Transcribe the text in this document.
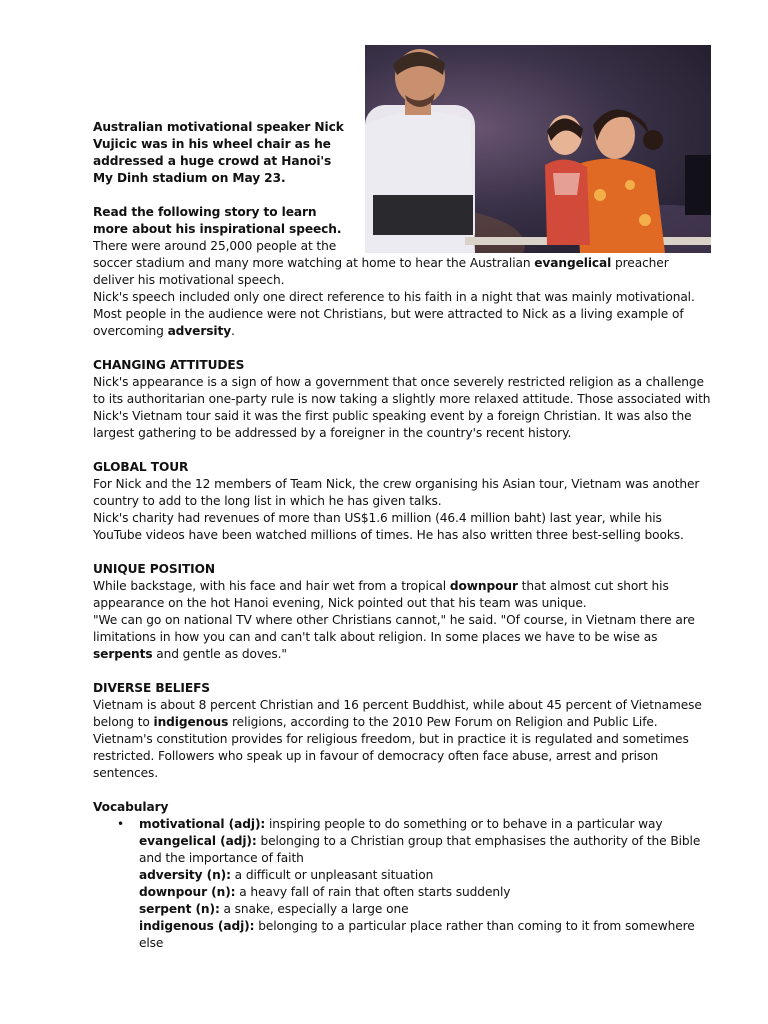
Australian motivational speaker Nick Vujicic was in his wheel chair as he addressed a huge crowd at Hanoi's My Dinh stadium on May 23.

Read the following story to learn more about his inspirational speech.

There were around 25,000 people at the
soccer stadium and many more watching at home to hear the Australian evangelical preacher deliver his motivational speech.

Nick's speech included only one direct reference to his faith in a night that was mainly motivational. Most people in the audience were not Christians, but were attracted to Nick as a living example of overcoming adversity.

CHANGING ATTITUDES

Nick's appearance is a sign of how a government that once severely restricted religion as a challenge to its authoritarian one-party rule is now taking a slightly more relaxed attitude. Those associated with Nick's Vietnam tour said it was the first public speaking event by a foreign Christian. It was also the largest gathering to be addressed by a foreigner in the country's recent history.

GLOBAL TOUR

For Nick and the 12 members of Team Nick, the crew organising his Asian tour, Vietnam was another country to add to the long list in which he has given talks.

Nick's charity had revenues of more than US$1.6 million (46.4 million baht) last year, while his YouTube videos have been watched millions of times. He has also written three best-selling books.

UNIQUE POSITION

While backstage, with his face and hair wet from a tropical downpour that almost cut short his appearance on the hot Hanoi evening, Nick pointed out that his team was unique.

"We can go on national TV where other Christians cannot," he said. "Of course, in Vietnam there are limitations in how you can and can't talk about religion. In some places we have to be wise as serpents and gentle as doves."

DIVERSE BELIEFS

Vietnam is about 8 percent Christian and 16 percent Buddhist, while about 45 percent of Vietnamese belong to indigenous religions, according to the 2010 Pew Forum on Religion and Public Life. Vietnam's constitution provides for religious freedom, but in practice it is regulated and sometimes restricted. Followers who speak up in favour of democracy often face abuse, arrest and prison sentences.

Vocabulary

•	motivational (adj): inspiring people to do something or to behave in a particular way
evangelical (adj): belonging to a Christian group that emphasises the authority of the Bible and the importance of faith
adversity (n): a difficult or unpleasant situation
downpour (n): a heavy fall of rain that often starts suddenly
serpent (n): a snake, especially a large one
indigenous (adj): belonging to a particular place rather than coming to it from somewhere else
